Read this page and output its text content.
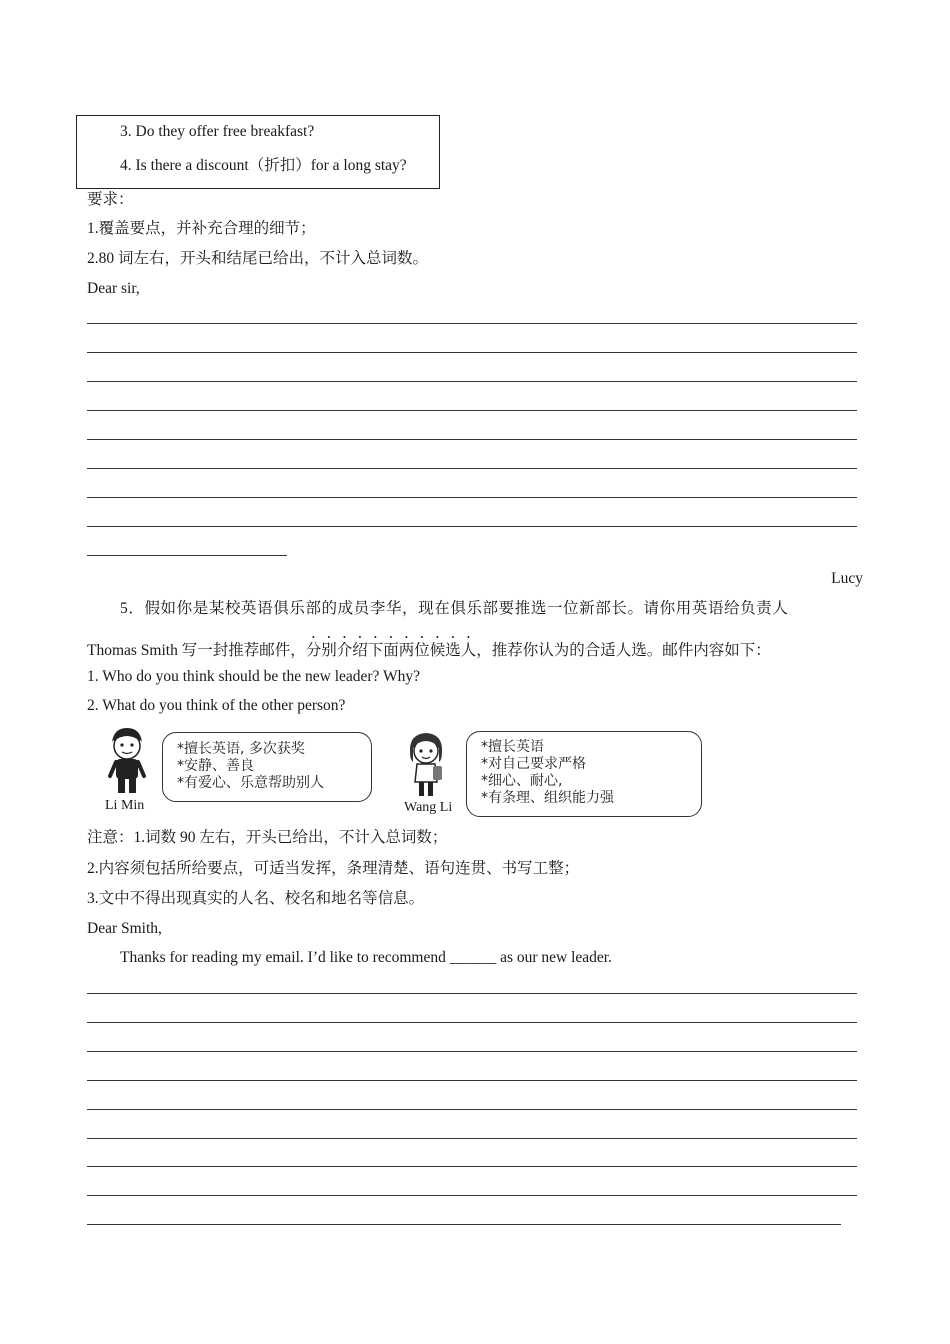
3. Do they offer free breakfast?
4. Is there a discount（折扣）for a long stay?
要求：
1.覆盖要点，并补充合理的细节；
2.80 词左右，开头和结尾已给出，不计入总词数。
Dear sir,
Lucy
5．假如你是某校英语俱乐部的成员李华，现在俱乐部要推选一位新部长。请你用英语给负责人
Thomas Smith 写一封推荐邮件，分别介绍下面两位候选人，推荐你认为的合适人选。邮件内容如下：
1. Who do you think should be the new leader? Why?
2. What do you think of the other person?
Li Min
*擅长英语, 多次获奖
*安静、善良
*有爱心、乐意帮助别人
Wang Li
*擅长英语
*对自己要求严格
*细心、耐心,
*有条理、组织能力强
注意：1.词数 90 左右，开头已给出，不计入总词数；
2.内容须包括所给要点，可适当发挥，条理清楚、语句连贯、书写工整；
3.文中不得出现真实的人名、校名和地名等信息。
Dear Smith,
Thanks for reading my email. I’d like to recommend ______ as our new leader.
